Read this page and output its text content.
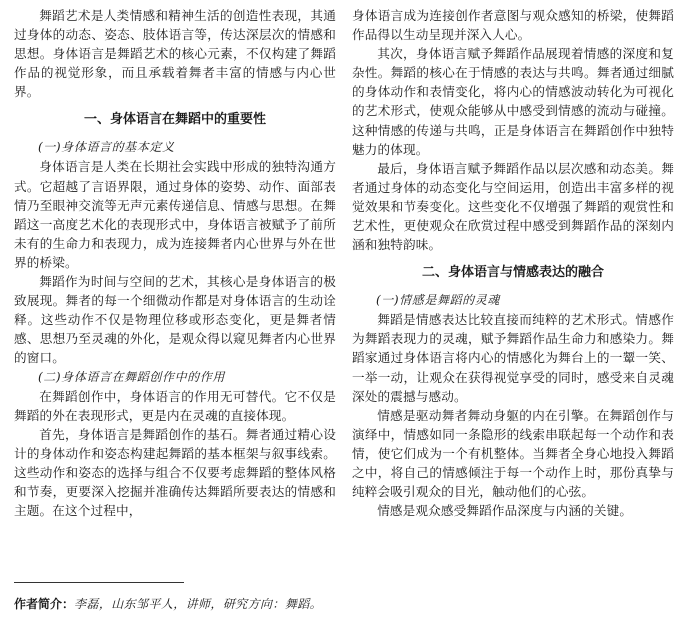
舞蹈艺术是人类情感和精神生活的创造性表现，其通过身体的动态、姿态、肢体语言等，传达深层次的情感和思想。身体语言是舞蹈艺术的核心元素，不仅构建了舞蹈作品的视觉形象，而且承载着舞者丰富的情感与内心世界。

一、身体语言在舞蹈中的重要性
(一)身体语言的基本定义

身体语言是人类在长期社会实践中形成的独特沟通方式。它超越了言语界限，通过身体的姿势、动作、面部表情乃至眼神交流等无声元素传递信息、情感与思想。在舞蹈这一高度艺术化的表现形式中，身体语言被赋予了前所未有的生命力和表现力，成为连接舞者内心世界与外在世界的桥梁。

舞蹈作为时间与空间的艺术，其核心是身体语言的极致展现。舞者的每一个细微动作都是对身体语言的生动诠释。这些动作不仅是物理位移或形态变化，更是舞者情感、思想乃至灵魂的外化，是观众得以窥见舞者内心世界的窗口。

(二)身体语言在舞蹈创作中的作用

在舞蹈创作中，身体语言的作用无可替代。它不仅是舞蹈的外在表现形式，更是内在灵魂的直接体现。

首先，身体语言是舞蹈创作的基石。舞者通过精心设计的身体动作和姿态构建起舞蹈的基本框架与叙事线索。这些动作和姿态的选择与组合不仅要考虑舞蹈的整体风格和节奏，更要深入挖掘并准确传达舞蹈所要表达的情感和主题。在这个过程中，

身体语言成为连接创作者意图与观众感知的桥梁，使舞蹈作品得以生动呈现并深入人心。

其次，身体语言赋予舞蹈作品展现着情感的深度和复杂性。舞蹈的核心在于情感的表达与共鸣。舞者通过细腻的身体动作和表情变化，将内心的情感波动转化为可视化的艺术形式，使观众能够从中感受到情感的流动与碰撞。这种情感的传递与共鸣，正是身体语言在舞蹈创作中独特魅力的体现。

最后，身体语言赋予舞蹈作品以层次感和动态美。舞者通过身体的动态变化与空间运用，创造出丰富多样的视觉效果和节奏变化。这些变化不仅增强了舞蹈的观赏性和艺术性，更使观众在欣赏过程中感受到舞蹈作品的深刻内涵和独特韵味。

二、身体语言与情感表达的融合
(一)情感是舞蹈的灵魂

舞蹈是情感表达比较直接而纯粹的艺术形式。情感作为舞蹈表现力的灵魂，赋予舞蹈作品生命力和感染力。舞蹈家通过身体语言将内心的情感化为舞台上的一颦一笑、一举一动，让观众在获得视觉享受的同时，感受来自灵魂深处的震撼与感动。

情感是驱动舞者舞动身躯的内在引擎。在舞蹈创作与演绎中，情感如同一条隐形的线索串联起每一个动作和表情，使它们成为一个有机整体。当舞者全身心地投入舞蹈之中，将自己的情感倾注于每一个动作上时，那份真挚与纯粹会吸引观众的目光，触动他们的心弦。

情感是观众感受舞蹈作品深度与内涵的关键。

作者简介：李磊，山东邹平人，讲师，研究方向：舞蹈。
